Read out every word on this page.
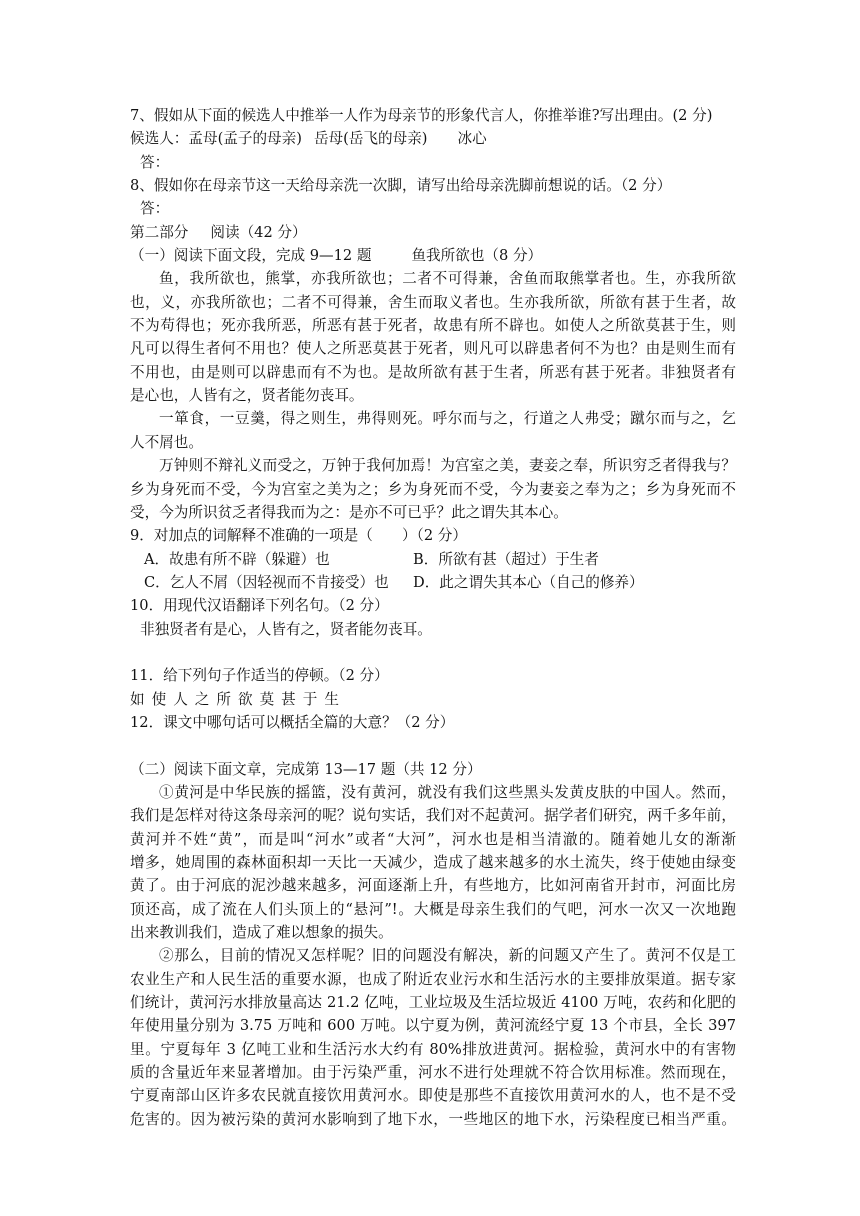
7、假如从下面的候选人中推举一人作为母亲节的形象代言人，你推举谁?写出理由。(2 分)
候选人：孟母(孟子的母亲) 岳母(岳飞的母亲) 冰心
答：
8、假如你在母亲节这一天给母亲洗一次脚，请写出给母亲洗脚前想说的话。（2 分）
答：
第二部分 阅读（42 分）
（一）阅读下面文段，完成 9—12 题	鱼我所欲也（8 分）
鱼，我所欲也，熊掌，亦我所欲也；二者不可得兼，舍鱼而取熊掌者也。生，亦我所欲
也，义，亦我所欲也；二者不可得兼，舍生而取义者也。生亦我所欲，所欲有甚于生者，故
不为苟得也；死亦我所恶，所恶有甚于死者，故患有所不辟也。如使人之所欲莫甚于生，则
凡可以得生者何不用也？使人之所恶莫甚于死者，则凡可以辟患者何不为也？由是则生而有
不用也，由是则可以辟患而有不为也。是故所欲有甚于生者，所恶有甚于死者。非独贤者有
是心也，人皆有之，贤者能勿丧耳。
一箪食，一豆羹，得之则生，弗得则死。呼尔而与之，行道之人弗受；蹴尔而与之，乞
人不屑也。
万钟则不辩礼义而受之，万钟于我何加焉！为宫室之美，妻妾之奉，所识穷乏者得我与？
乡为身死而不受，今为宫室之美为之；乡为身死而不受，今为妻妾之奉为之；乡为身死而不
受，今为所识贫乏者得我而为之：是亦不可已乎？此之谓失其本心。
9．对加点的词解释不准确的一项是（　　）（2 分）
A．故患有所不辟（躲避）也	B．所欲有甚（超过）于生者
C．乞人不屑（因轻视而不肯接受）也 D．此之谓失其本心（自己的修养）
10．用现代汉语翻译下列名句。（2 分）
非独贤者有是心，人皆有之，贤者能勿丧耳。
11．给下列句子作适当的停顿。（2 分）
如使人之所欲莫甚于生
12．课文中哪句话可以概括全篇的大意？（2 分）
（二）阅读下面文章，完成第 13—17 题（共 12 分）
①黄河是中华民族的摇篮，没有黄河，就没有我们这些黑头发黄皮肤的中国人。然而，
我们是怎样对待这条母亲河的呢？说句实话，我们对不起黄河。据学者们研究，两千多年前，
黄河并不姓“黄”，而是叫“河水”或者“大河”，河水也是相当清澈的。随着她儿女的渐渐
增多，她周围的森林面积却一天比一天减少，造成了越来越多的水土流失，终于使她由绿变
黄了。由于河底的泥沙越来越多，河面逐渐上升，有些地方，比如河南省开封市，河面比房
顶还高，成了流在人们头顶上的“悬河”!。大概是母亲生我们的气吧，河水一次又一次地跑
出来教训我们，造成了难以想象的损失。
②那么，目前的情况又怎样呢？旧的问题没有解决，新的问题又产生了。黄河不仅是工
农业生产和人民生活的重要水源，也成了附近农业污水和生活污水的主要排放渠道。据专家
们统计，黄河污水排放量高达 21.2 亿吨，工业垃圾及生活垃圾近 4100 万吨，农药和化肥的
年使用量分别为 3.75 万吨和 600 万吨。以宁夏为例，黄河流经宁夏 13 个市县，全长 397
里。宁夏每年 3 亿吨工业和生活污水大约有 80%排放进黄河。据检验，黄河水中的有害物
质的含量近年来显著增加。由于污染严重，河水不进行处理就不符合饮用标准。然而现在，
宁夏南部山区许多农民就直接饮用黄河水。即使是那些不直接饮用黄河水的人，也不是不受
危害的。因为被污染的黄河水影响到了地下水，一些地区的地下水，污染程度已相当严重。
